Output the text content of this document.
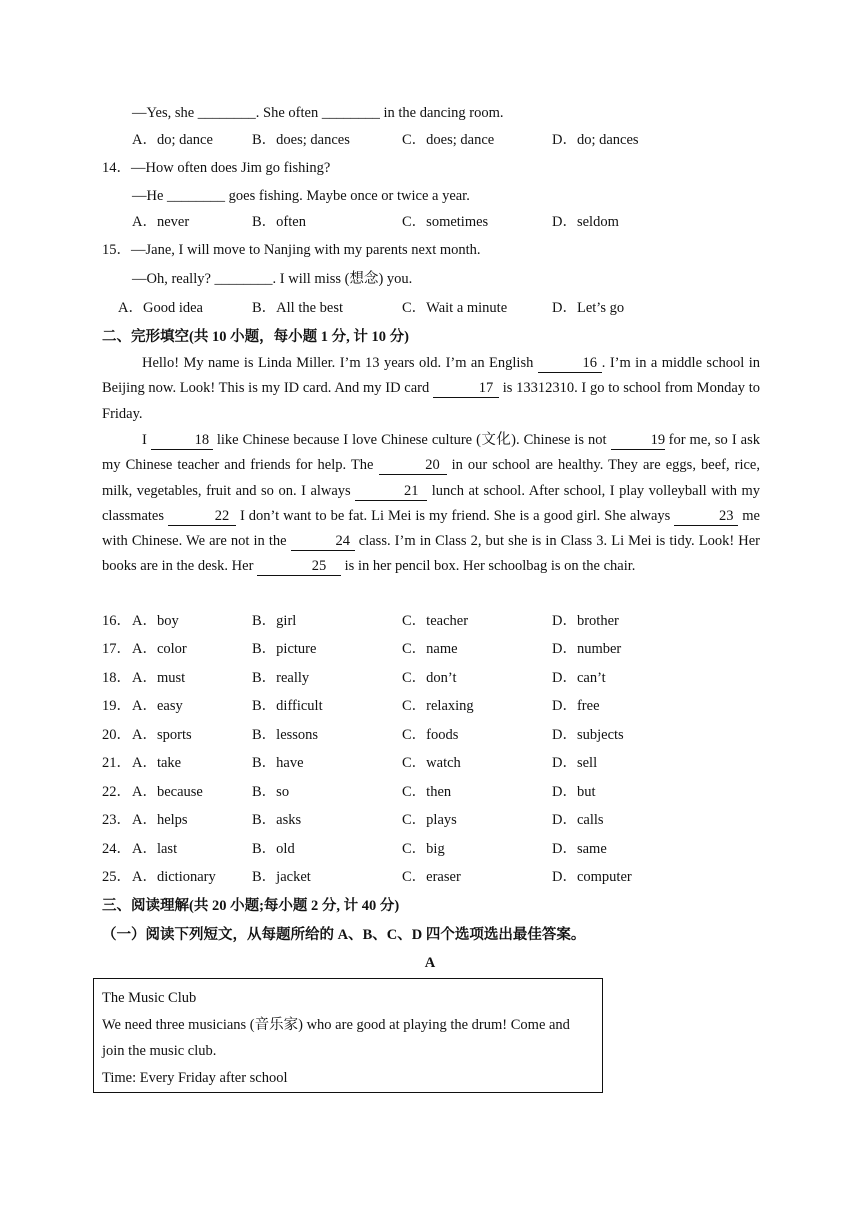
—Yes, she ________. She often ________ in the dancing room.
A．do; dance	B．does; dances	C．does; dance	D．do; dances
14．—How often does Jim go fishing?
—He ________ goes fishing. Maybe once or twice a year.
A．never	B．often	C．sometimes	D．seldom
15．—Jane, I will move to Nanjing with my parents next month.
—Oh, really? ________. I will miss (想念) you.
A．Good idea	B．All the best	C．Wait a minute	D．Let’s go
二、完形填空(共 10 小题，每小题 1 分, 计 10 分)

Hello! My name is Linda Miller. I’m 13 years old. I’m an English	16 . I’m in a middle school in Beijing now. Look! This is my ID card. And my ID card	17 is 13312310. I go to school from Monday to Friday.

I	18 like Chinese because I love Chinese culture (文化). Chinese is not	19 for me, so I ask my Chinese teacher and friends for help. The	20 in our school are healthy. They are eggs, beef, rice, milk, vegetables, fruit and so on. I always	21 lunch at school. After school, I play volleyball with my classmates	22 I don’t want to be fat. Li Mei is my friend. She is a good girl. She always	23 me with Chinese. We are not in the	24 class. I’m in Class 2, but she is in Class 3. Li Mei is tidy. Look! Her books are in the desk. Her	25 is in her pencil box. Her schoolbag is on the chair.

16． A．boy	B．girl	C．teacher	D．brother
17． A．color	B．picture	C．name	D．number
18． A．must	B．really	C．don’t	D．can’t
19． A．easy	B．difficult	C．relaxing	D．free
20． A．sports	B．lessons	C．foods	D．subjects
21． A．take	B．have	C．watch	D．sell
22． A．because	B．so	C．then	D．but
23． A．helps	B．asks	C．plays	D．calls
24． A．last	B．old	C．big	D．same
25． A．dictionary B．jacket	C．eraser	D．computer
三、阅读理解(共 20 小题;每小题 2 分, 计 40 分)
（一）阅读下列短文，从每题所给的 A、B、C、D 四个选项选出最佳答案。
A
The Music Club
We need three musicians (音乐家) who are good at playing the drum! Come and
join the music club.
Time: Every Friday after school
